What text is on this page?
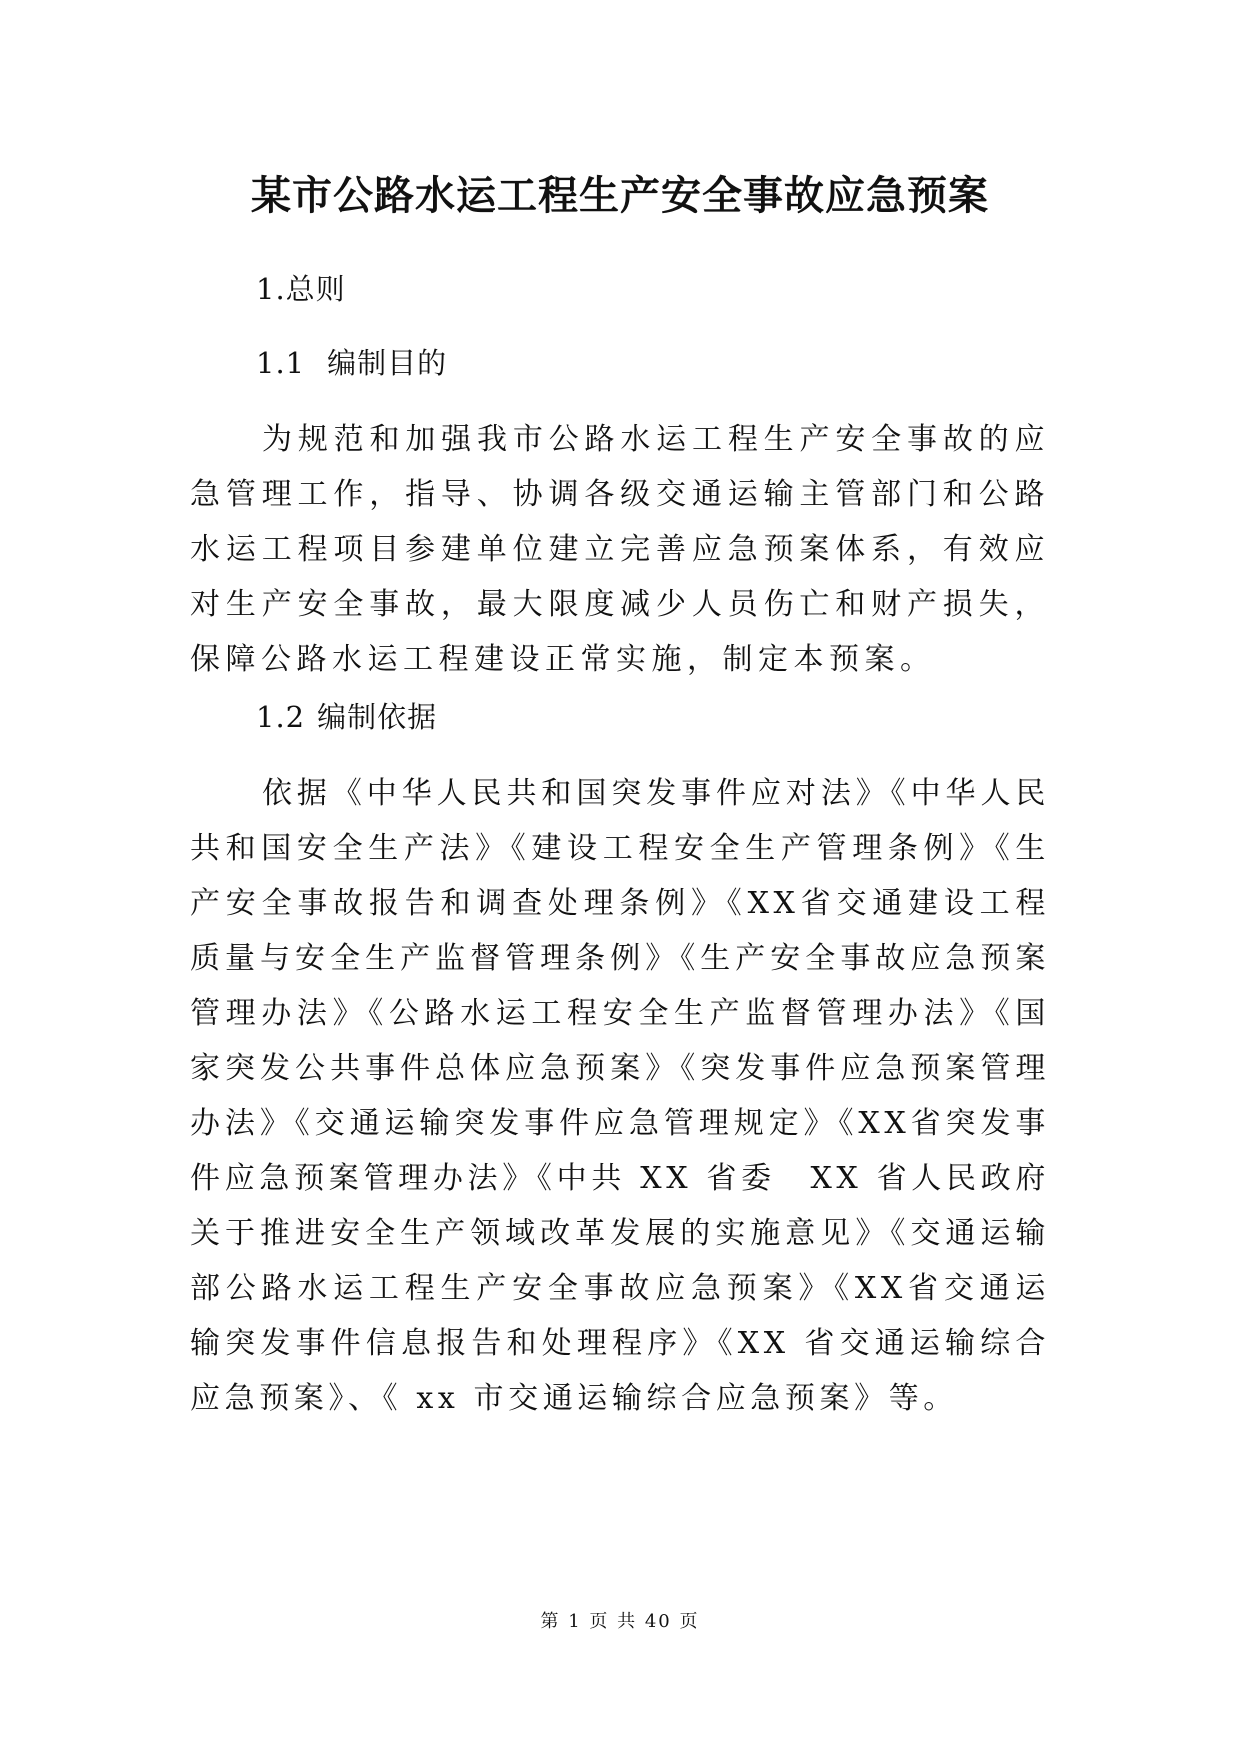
某市公路水运工程生产安全事故应急预案

1.总则

1.1 编制目的

为规范和加强我市公路水运工程生产安全事故的应急管理工作，指导、协调各级交通运输主管部门和公路水运工程项目参建单位建立完善应急预案体系，有效应对生产安全事故，最大限度减少人员伤亡和财产损失，保障公路水运工程建设正常实施，制定本预案。

1.2 编制依据

依据《中华人民共和国突发事件应对法》《中华人民共和国安全生产法》《建设工程安全生产管理条例》《生产安全事故报告和调查处理条例》《XX省交通建设工程质量与安全生产监督管理条例》《生产安全事故应急预案管理办法》《公路水运工程安全生产监督管理办法》《国家突发公共事件总体应急预案》《突发事件应急预案管理办法》《交通运输突发事件应急管理规定》《XX省突发事件应急预案管理办法》《中共 XX 省委　XX 省人民政府关于推进安全生产领域改革发展的实施意见》《交通运输部公路水运工程生产安全事故应急预案》《XX省交通运输突发事件信息报告和处理程序》《XX 省交通运输综合应急预案》、《 xx 市交通运输综合应急预案》等。

第 1 页 共 40 页
